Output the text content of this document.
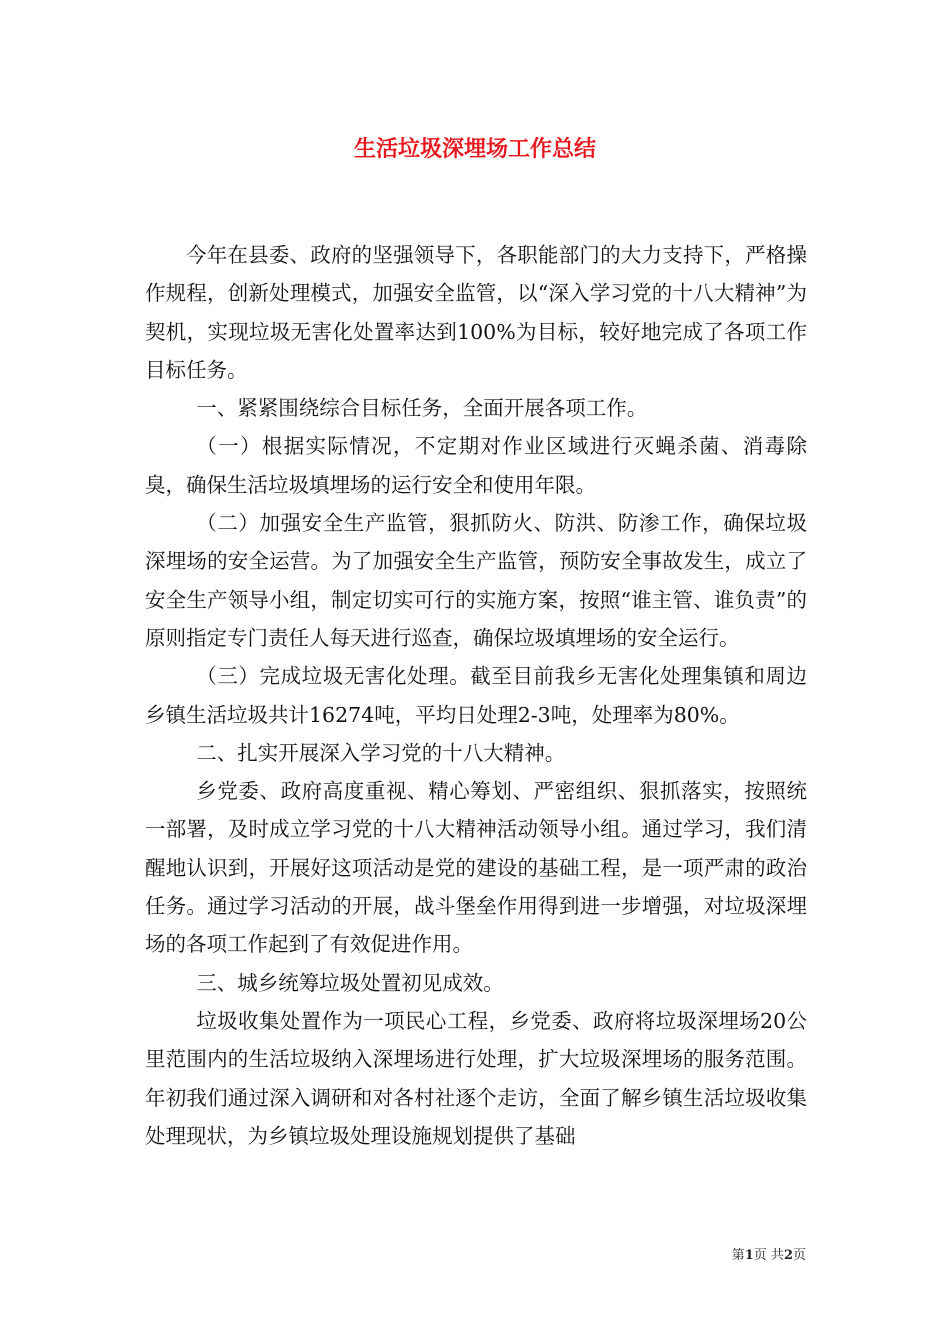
生活垃圾深埋场工作总结

今年在县委、政府的坚强领导下，各职能部门的大力支持下，严格操作规程，创新处理模式，加强安全监管，以“深入学习党的十八大精神”为契机，实现垃圾无害化处置率达到100%为目标，较好地完成了各项工作目标任务。

一、紧紧围绕综合目标任务，全面开展各项工作。

（一）根据实际情况，不定期对作业区域进行灭蝇杀菌、消毒除臭，确保生活垃圾填埋场的运行安全和使用年限。

（二）加强安全生产监管，狠抓防火、防洪、防渗工作，确保垃圾深埋场的安全运营。为了加强安全生产监管，预防安全事故发生，成立了安全生产领导小组，制定切实可行的实施方案，按照“谁主管、谁负责”的原则指定专门责任人每天进行巡查，确保垃圾填埋场的安全运行。

（三）完成垃圾无害化处理。截至目前我乡无害化处理集镇和周边乡镇生活垃圾共计16274吨，平均日处理2-3吨，处理率为80%。

二、扎实开展深入学习党的十八大精神。

乡党委、政府高度重视、精心筹划、严密组织、狠抓落实，按照统一部署，及时成立学习党的十八大精神活动领导小组。通过学习，我们清醒地认识到，开展好这项活动是党的建设的基础工程，是一项严肃的政治任务。通过学习活动的开展，战斗堡垒作用得到进一步增强，对垃圾深埋场的各项工作起到了有效促进作用。

三、城乡统筹垃圾处置初见成效。

垃圾收集处置作为一项民心工程，乡党委、政府将垃圾深埋场20公里范围内的生活垃圾纳入深埋场进行处理，扩大垃圾深埋场的服务范围。年初我们通过深入调研和对各村社逐个走访，全面了解乡镇生活垃圾收集处理现状，为乡镇垃圾处理设施规划提供了基础

第1页 共2页
